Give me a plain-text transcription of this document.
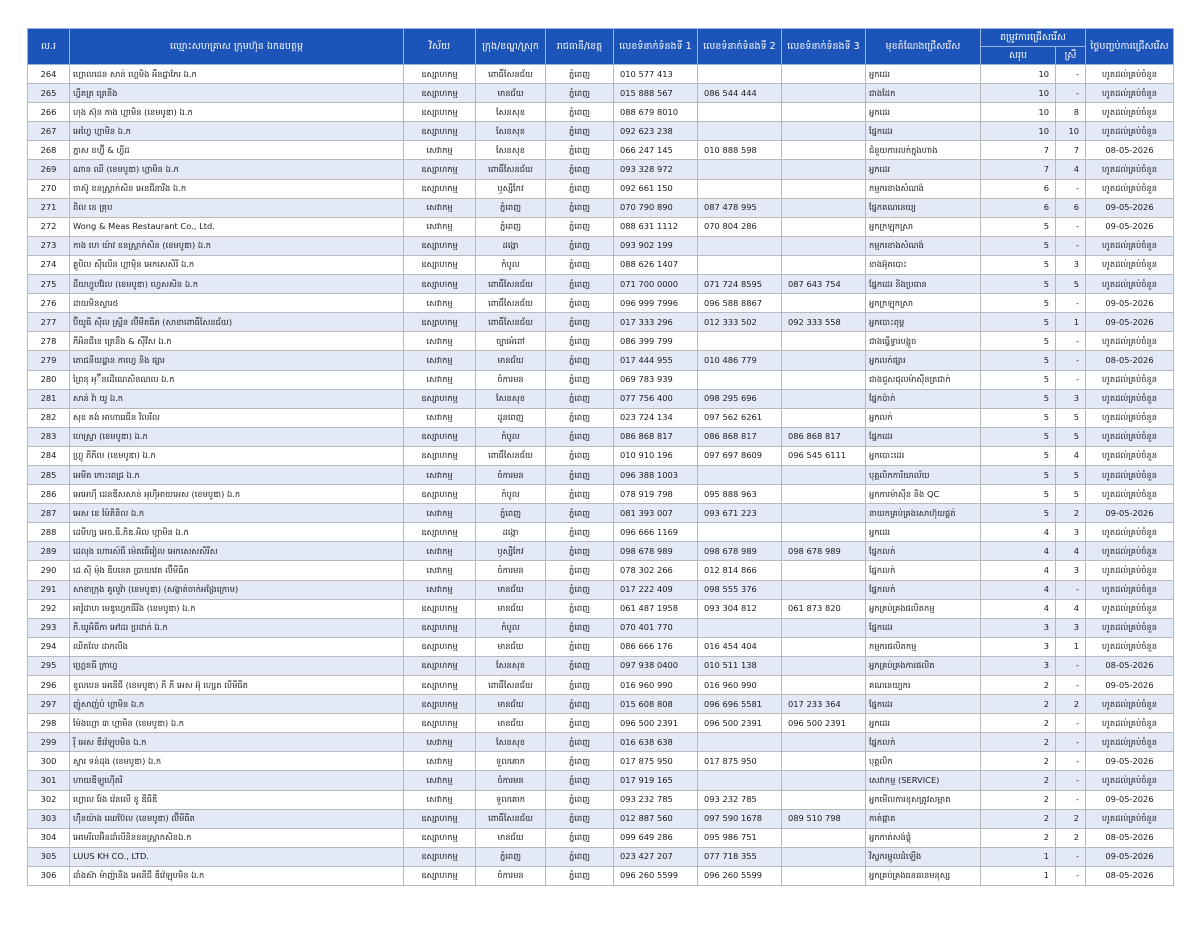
ល.រ	ឈ្មោះសហគ្រាស ក្រុមហ៊ុន ឯកឧបត្ថម្ភ	វិស័យ	ក្រុង/ខណ្ឌ/ស្រុក	រាជធានី/ខេត្ត	លេខទំនាក់ទំនងទី 1	លេខទំនាក់ទំនងទី 2	លេខទំនាក់ទំនងទី 3	មុខតំណែងជ្រើសរើស	តម្រូវការជ្រើសរើស		ថ្ងៃបញ្ចប់ការជ្រើសរើស
									សរុប	ស្រី	
264	ហ្គោលដេន សាន់ ហ្គេមិង អឹនជ្ជាភែរ ឯ.ក	ឧស្សាហកម្ម	ពោធិ៍សែនជ័យ	ភ្នំពេញ	010 577 413			អ្នកដេរ	10	-	ហូតដល់គ្រប់ចំនួន
265	ហ្វីតត្រ ត្រេនីង	ឧស្សាហកម្ម	មានជ័យ	ភ្នំពេញ	015 888 567	086 544 444		ជាងដែក	10	-	ហូតដល់គ្រប់ចំនួន
266	ហុង ស៊ុន កាង ហ្គាមិន (ខេមបូឌា) ឯ.ក	ឧស្សាហកម្ម	សែនសុខ	ភ្នំពេញ	088 679 8010			អ្នកដេរ	10	8	ហូតដល់គ្រប់ចំនួន
267	អេហ្វៃ ហ្គាមិន ឯ.ក	ឧស្សាហកម្ម	សែនសុខ	ភ្នំពេញ	092 623 238			ផ្នែកដេរ	10	10	ហូតដល់គ្រប់ចំនួន
268	ភ្នាស ខហ្វ៊ី & ហ្វីដ	សេវាកម្ម	សែនសុខ	ភ្នំពេញ	066 247 145	010 888 598		ជំនួយការលក់ក្នុងហាង	7	7	08-05-2026
269	ណាន ឈី (ខេមបូឌា) ហ្គាមិន ឯ.ក	ឧស្សាហកម្ម	ពោធិ៍សែនជ័យ	ភ្នំពេញ	093 328 972			អ្នកដេរ	7	4	ហូតដល់គ្រប់ចំនួន
270	ចាស៊ូ ខនស្រ្តាក់សិន អេនជីនារីង ឯ.ក	ឧស្សាហកម្ម	ឫស្សីកែវ	ភ្នំពេញ	092 661 150			កម្មករខាងសំណង់	6	-	ហូតដល់គ្រប់ចំនួន
271	ពិល ខេ គ្រុប	សេវាកម្ម	ភ្នំពេញ	ភ្នំពេញ	070 790 890	087 478 995		ផ្នែកគណនេយ្យ	6	6	09-05-2026
272	Wong & Meas Restaurant Co., Ltd.	សេវាកម្ម	ភ្នំពេញ	ភ្នំពេញ	088 631 1112	070 804 286		អ្នកក្រឡុកស្រា	5	-	09-05-2026
273	កាង ហេ យ៉ាវ ខនស្រ្តាក់សិន (ខេមបូឌា) ឯ.ក	ឧស្សាហកម្ម	ដង្កោ	ភ្នំពេញ	093 902 199			កម្មករខាងសំណង់	5	-	ហូតដល់គ្រប់ចំនួន
274	គ្លូបិល សុីលើន ហ្គាម៉ិន អេកសេសិរី ឯ.ក	ឧស្សាហកម្ម	កំបូល	ភ្នំពេញ	088 626 1407			ខាងអ៊ុតបោះ	5	3	ហូតដល់គ្រប់ចំនួន
275	ដឹយហ្វូបរ៊ែល (ខេមបូឌា) ហ្វេសសិន ឯ.ក	ឧស្សាហកម្ម	ពោធិ៍សែនជ័យ	ភ្នំពេញ	071 700 0000	071 724 8595	087 643 754	ផ្នែកដេរ និងប្រធាន	5	5	ហូតដល់គ្រប់ចំនួន
276	ដាយមិនស្ទារ៥	សេវាកម្ម	ពោធិ៍សែនជ័យ	ភ្នំពេញ	096 999 7996	096 588 8867		អ្នកក្រឡុកស្រា	5	-	09-05-2026
277	ប៊ីយូធី ស៊ីល ស្រ្ទីន ល៊ីមីតធីត (សាខាពោធិ៍សែនជ័យ)	ឧស្សាហកម្ម	ពោធិ៍សែនជ័យ	ភ្នំពេញ	017 333 296	012 333 502	092 333 558	អ្នកបោះពុម្ព	5	1	09-05-2026
278	ភីអិនជីខេ ត្រេនឹង & ស៊ឺវីស ឯ.ក	សេវាកម្ម	ច្បារអំពៅ	ភ្នំពេញ	086 399 799			ជាងធ្វើទ្វារបង្អួច	5	-	ហូតដល់គ្រប់ចំនួន
279	ភោជនីយដ្ឋាន កាហ្វេ និង ផ្សារ	សេវាកម្ម	មានជ័យ	ភ្នំពេញ	017 444 955	010 486 779		អ្នកលក់ផ្សារ	5	-	08-05-2026
280	ព្រៃនុ អុ៊ីនដើណេសិនណល ឯ.ក	សេវាកម្ម	ចំការមន	ភ្នំពេញ	069 783 939			ជាងជួសជុលម៉ាស៊ីនត្រជាក់	5	-	ហូតដល់គ្រប់ចំនួន
281	សាន់ វ៉ា យូ ឯ.ក	ឧស្សាហកម្ម	សែនសុខ	ភ្នំពេញ	077 756 400	098 295 696		ផ្នែកប៉ាក់	5	3	ហូតដល់គ្រប់ចំនួន
282	សុខ គង់ អាហារេធីន វិលរីល	សេវាកម្ម	ដូនពេញ	ភ្នំពេញ	023 724 134	097 562 6261		អ្នកលក់	5	5	ហូតដល់គ្រប់ចំនួន
283	ហេស្ទ្រា (ខេមបូឌា) ឯ.ក	ឧស្សាហកម្ម	កំបូល	ភ្នំពេញ	086 868 817	086 868 817	086 868 817	ផ្នែកដេរ	5	5	ហូតដល់គ្រប់ចំនួន
284	ហ្គ្រូ ភីភីល (ខេមបូឌា) ឯ.ក	ឧស្សាហកម្ម	ពោធិ៍សែនជ័យ	ភ្នំពេញ	010 910 196	097 697 8609	096 545 6111	អ្នកបោះដេរ	5	4	ហូតដល់គ្រប់ចំនួន
285	អេមីត កោះពេជ្រ ឯ.ក	សេវាកម្ម	ចំការមន	ភ្នំពេញ	096 388 1003			បុគ្គលិកការិយាល័យ	5	5	ហូតដល់គ្រប់ចំនួន
286	អេអេហ៊ី ដេនឌីសសាន់ អុហ៊ីអាយអេស (ខេមបូឌា) ឯ.ក	ឧស្សាហកម្ម	កំបូល	ភ្នំពេញ	078 919 798	095 888 963		អ្នកការម៉ាស៊ីន និង QC	5	5	ហូតដល់គ្រប់ចំនួន
287	អេស ខេ ម៉ែតិនិល ឯ.ក	សេវាកម្ម	ភ្នំពេញ	ភ្នំពេញ	081 393 007	093 671 223		នាយកគ្រប់គ្រងសោហ៊ុយផ្គត់	5	2	09-05-2026
288	ដេមីហ្ស អេច.ធី.ភិឌ.អិល ហ្គាមិន ឯ.ក	ឧស្សាហកម្ម	ដង្កោ	ភ្នំពេញ	096 666 1169			អ្នកដេរ	4	3	ហូតដល់គ្រប់ចំនួន
289	ដេលុង ហោរស៍ធី ម៉េតធើរៀល អេកសេសសិរីស	សេវាកម្ម	ឫស្សីកែវ	ភ្នំពេញ	098 678 989	098 678 989	098 678 989	ផ្នែកលក់	4	4	ហូតដល់គ្រប់ចំនួន
290	ដេ ស៊ី ម៉ុង ឌីបនេត ប្រាយវេត ល៊ីមីធីត	សេវាកម្ម	ចំការមន	ភ្នំពេញ	078 302 266	012 814 866		ផ្នែកលក់	4	3	ហូតដល់គ្រប់ចំនួន
291	សាខាក្រុង គូលូវ៉ា (ខេមបូឌា) (សង្កាត់ចាក់អង្រែក្រោម)	សេវាកម្ម	មានជ័យ	ភ្នំពេញ	017 222 409	098 555 376		ផ្នែកលក់	4	-	ហូតដល់គ្រប់ចំនួន
292	អាវ៉ូដាហ មេឌូហ្វេកធីរីង (ខេមបូឌា) ឯ.ក	ឧស្សាហកម្ម	មានជ័យ	ភ្នំពេញ	061 487 1958	093 304 812	061 873 820	អ្នកគ្រប់គ្រងផលិតកម្ម	4	4	ហូតដល់គ្រប់ចំនួន
293	ភី.ឃូអិធីកា អៅដរ ប្រដាក់ ឯ.ក	ឧស្សាហកម្ម	កំបូល	ភ្នំពេញ	070 401 770			ផ្នែកដេរ	3	3	ហូតដល់គ្រប់ចំនួន
294	ឈីតលែ ដាកលីង	ឧស្សាហកម្ម	មានជ័យ	ភ្នំពេញ	086 666 176	016 454 404		កម្មករផលិតកម្ម	3	1	ហូតដល់គ្រប់ចំនួន
295	ហ្រ្គេនធី ក្រាហ្វ	ឧស្សាហកម្ម	សែនសុខ	ភ្នំពេញ	097 938 0400	010 511 138		អ្នកគ្រប់គ្រងការផលិត	3	-	08-05-2026
296	ខូលបេន អេនើជី (ខេមបូឌា) ភី ភី អេស អ៊ុ ហ្សេត លីមីធីត	ឧស្សាហកម្ម	ពោធិ៍សែនជ័យ	ភ្នំពេញ	016 960 990	016 960 990		គណនេយ្យករ	2	-	09-05-2026
297	ញ៉ូសាញ់ប៉ ហ្គាមិន ឯ.ក	ឧស្សាហកម្ម	មានជ័យ	ភ្នំពេញ	015 608 808	096 696 5581	017 233 364	ផ្នែកដេរ	2	2	ហូតដល់គ្រប់ចំនួន
298	ម៉ែងហ្គោ ៣ ហ្គាមិន (ខេមបូឌា) ឯ.ក	ឧស្សាហកម្ម	មានជ័យ	ភ្នំពេញ	096 500 2391	096 500 2391	096 500 2391	អ្នកដេរ	2	-	ហូតដល់គ្រប់ចំនួន
299	រ៉ី អេស ឌីវ៉េឡុបមិន ឯ.ក	សេវាកម្ម	សែនសុខ	ភ្នំពេញ	016 638 638			ផ្នែកលក់	2	-	ហូតដល់គ្រប់ចំនួន
300	ស្ទារ ទន់ដុង (ខេមបូឌា) ឯ.ក	សេវាកម្ម	ទួលគោក	ភ្នំពេញ	017 875 950	017 875 950		បុគ្គលិក	2	-	09-05-2026
301	ហាយឌីឡូហ៊ើតរិ	សេវាកម្ម	ចំការមន	ភ្នំពេញ	017 919 165			សេវាកម្ម (SERVICE)	2	-	ហូតដល់គ្រប់ចំនួន
302	ហ្គោល រ៉ែង វ៉េនលើ ខូ ឌីធីឌី	សេវាកម្ម	ទួលគោក	ភ្នំពេញ	093 232 785	093 232 785		អ្នកមើលការខុសត្រូវសម្អាត	2	-	09-05-2026
303	ហ៊ឺនយ៉ាង ឈេប៊ែល (ខេមបូឌា) ល៊ីមីធីត	ឧស្សាហកម្ម	ពោធិ៍សែនជ័យ	ភ្នំពេញ	012 887 560	097 590 1678	089 510 798	កាត់ផ្កាត	2	2	ហូតដល់គ្រប់ចំនួន
304	អេមេរីលអ៊ិនដាំលីនិនខនស្រ្តាកសិនឯ.ក	ឧស្សាហកម្ម	មានជ័យ	ភ្នំពេញ	099 649 286	095 986 751		អ្នកកាត់សង់ផ្តុំ	2	2	08-05-2026
305	LUUS KH CO., LTD.	ឧស្សាហកម្ម	ភ្នំពេញ	ភ្នំពេញ	023 427 207	077 718 355		វិស្វករម្ដូលដំឡើង	1	-	09-05-2026
306	ដាំងស៊ា ម៉ាញ៉ានីង អេនើជី ឌីវ៉េឡុបមិន ឯ.ក	ឧស្សាហកម្ម	ចំការមន	ភ្នំពេញ	096 260 5599	096 260 5599		អ្នកគ្រប់គ្រងធនធានមនុស្ស	1	-	08-05-2026
